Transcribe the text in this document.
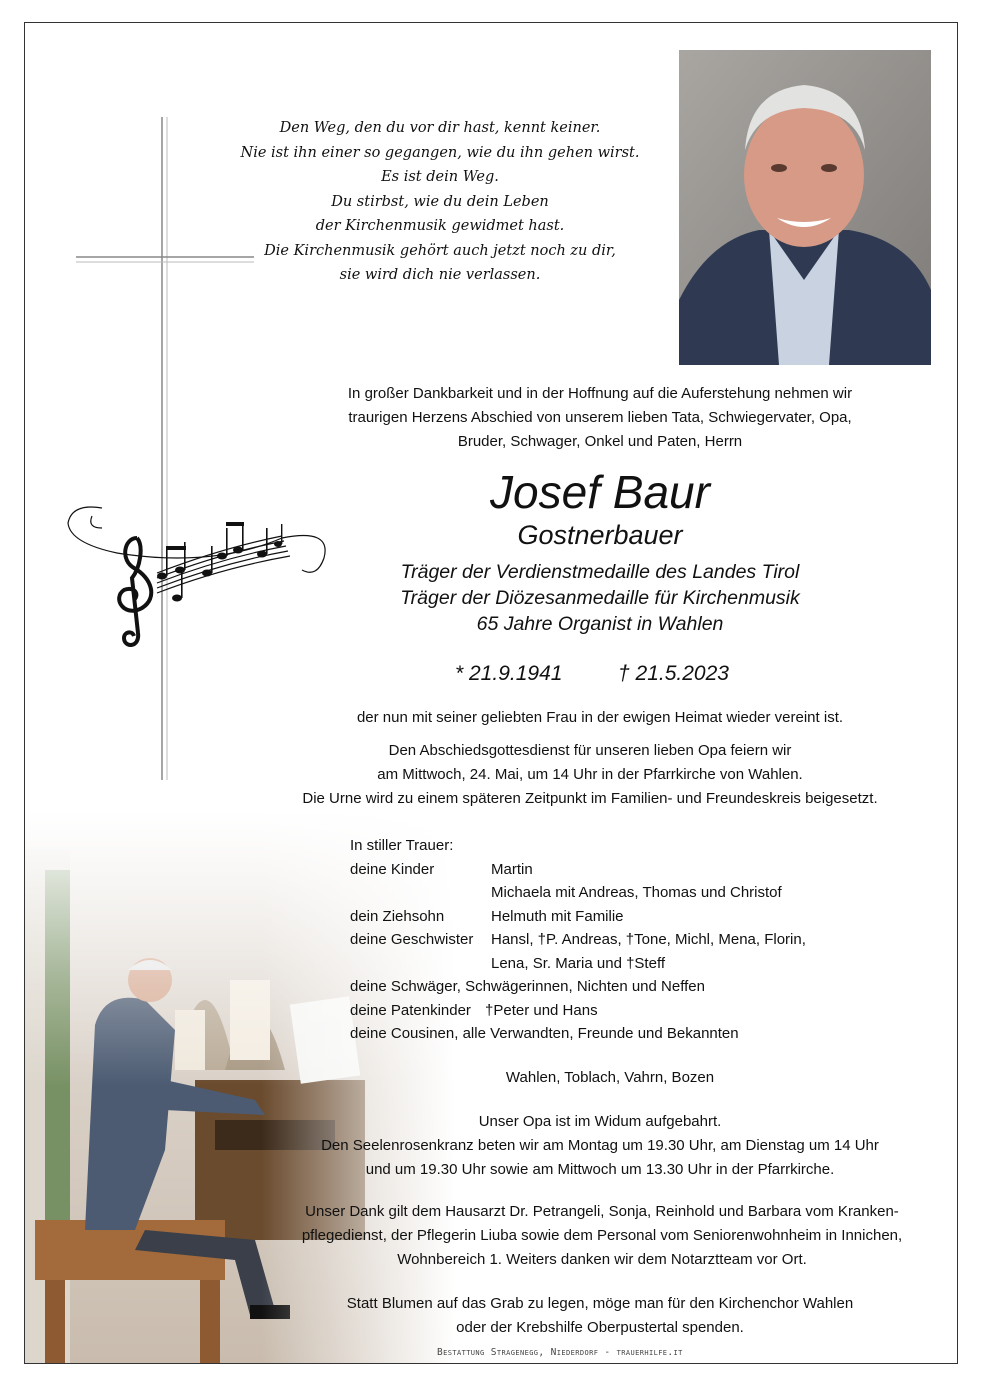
Den Weg, den du vor dir hast, kennt keiner.
Nie ist ihn einer so gegangen, wie du ihn gehen wirst.
Es ist dein Weg.
Du stirbst, wie du dein Leben
der Kirchenmusik gewidmet hast.
Die Kirchenmusik gehört auch jetzt noch zu dir,
sie wird dich nie verlassen.
In großer Dankbarkeit und in der Hoffnung auf die Auferstehung nehmen wir
traurigen Herzens Abschied von unserem lieben Tata, Schwiegervater, Opa,
Bruder, Schwager, Onkel und Paten, Herrn
Josef Baur
Gostnerbauer
Träger der Verdienstmedaille des Landes Tirol
Träger der Diözesanmedaille für Kirchenmusik
65 Jahre Organist in Wahlen
* 21.9.1941	† 21.5.2023
der nun mit seiner geliebten Frau in der ewigen Heimat wieder vereint ist.
Den Abschiedsgottesdienst für unseren lieben Opa feiern wir
am Mittwoch, 24. Mai, um 14 Uhr in der Pfarrkirche von Wahlen.
Die Urne wird zu einem späteren Zeitpunkt im Familien- und Freundeskreis beigesetzt.
In stiller Trauer:
deine Kinder	Martin
Michaela mit Andreas, Thomas und Christof
dein Ziehsohn	Helmuth mit Familie
deine Geschwister	Hansl, †P. Andreas, †Tone, Michl, Mena, Florin,
Lena, Sr. Maria und †Steff
deine Schwäger, Schwägerinnen, Nichten und Neffen
deine Patenkinder †Peter und Hans
deine Cousinen, alle Verwandten, Freunde und Bekannten
Wahlen, Toblach, Vahrn, Bozen
Unser Opa ist im Widum aufgebahrt.
Den Seelenrosenkranz beten wir am Montag um 19.30 Uhr, am Dienstag um 14 Uhr
und um 19.30 Uhr sowie am Mittwoch um 13.30 Uhr in der Pfarrkirche.
Unser Dank gilt dem Hausarzt Dr. Petrangeli, Sonja, Reinhold und Barbara vom Kranken-
pflegedienst, der Pflegerin Liuba sowie dem Personal vom Seniorenwohnheim in Innichen,
Wohnbereich 1. Weiters danken wir dem Notarztteam vor Ort.
Statt Blumen auf das Grab zu legen, möge man für den Kirchenchor Wahlen
oder der Krebshilfe Oberpustertal spenden.
Bestattung Stragenegg, Niederdorf - trauerhilfe.it
